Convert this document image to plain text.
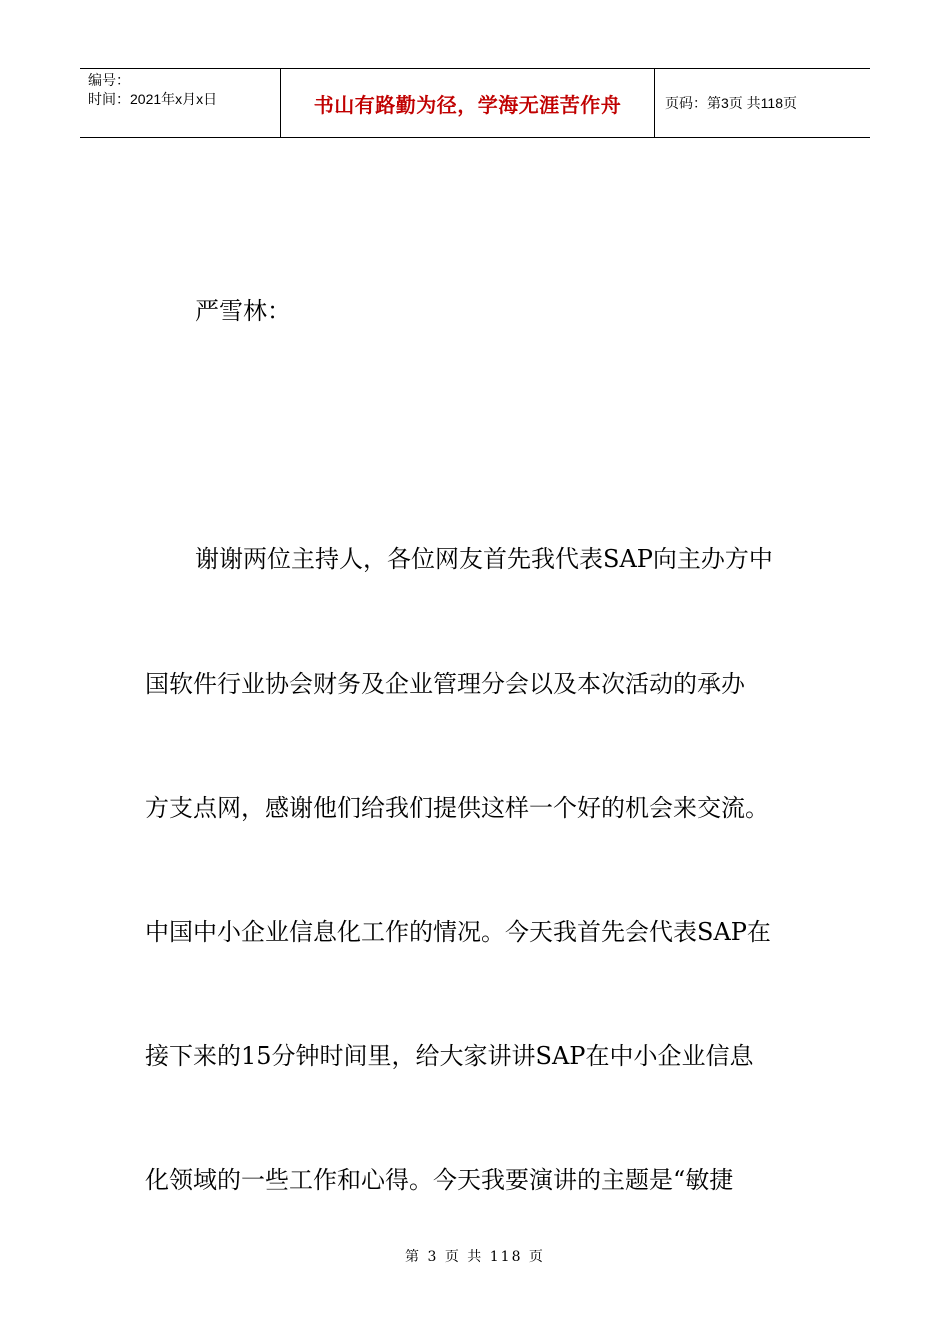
编号：
时间：2021年x月x日	书山有路勤为径，学海无涯苦作舟	页码：第3页 共118页
严雪林：
谢谢两位主持人，各位网友首先我代表SAP向主办方中
国软件行业协会财务及企业管理分会以及本次活动的承办
方支点网，感谢他们给我们提供这样一个好的机会来交流。
中国中小企业信息化工作的情况。今天我首先会代表SAP在
接下来的15分钟时间里，给大家讲讲SAP在中小企业信息
化领域的一些工作和心得。今天我要演讲的主题是“敏捷
第 3 页 共 118 页
